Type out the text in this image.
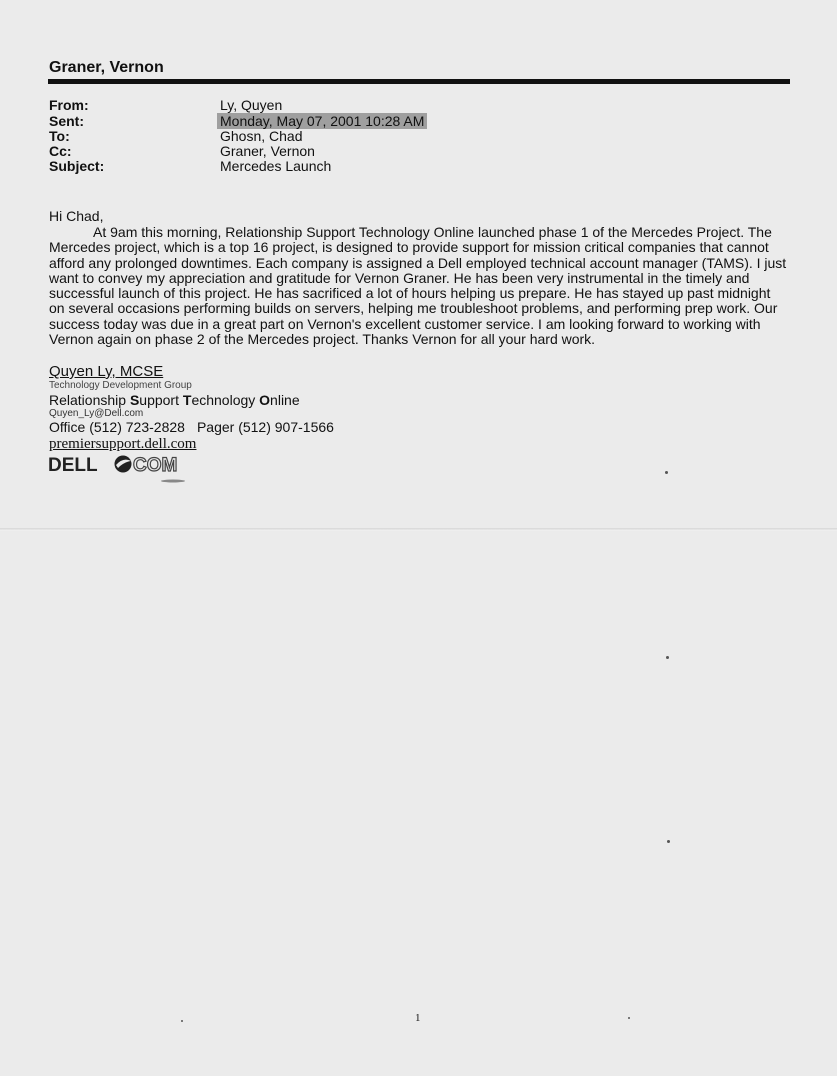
Graner, Vernon
From:	Ly, Quyen
Sent:	Monday, May 07, 2001 10:28 AM
To:	Ghosn, Chad
Cc:	Graner, Vernon
Subject:	Mercedes Launch
Hi Chad,

At 9am this morning, Relationship Support Technology Online launched phase 1 of the Mercedes Project. The Mercedes project, which is a top 16 project, is designed to provide support for mission critical companies that cannot afford any prolonged downtimes. Each company is assigned a Dell employed technical account manager (TAMS). I just want to convey my appreciation and gratitude for Vernon Graner. He has been very instrumental in the timely and successful launch of this project. He has sacrificed a lot of hours helping us prepare. He has stayed up past midnight on several occasions performing builds on servers, helping me troubleshoot problems, and performing prep work. Our success today was due in a great part on Vernon's excellent customer service. I am looking forward to working with Vernon again on phase 2 of the Mercedes project. Thanks Vernon for all your hard work.

Quyen Ly, MCSE
Technology Development Group
Relationship Support Technology Online
Quyen_Ly@Dell.com
Office (512) 723-2828 Pager (512) 907-1566
premiersupport.dell.com
DELL COM
1
